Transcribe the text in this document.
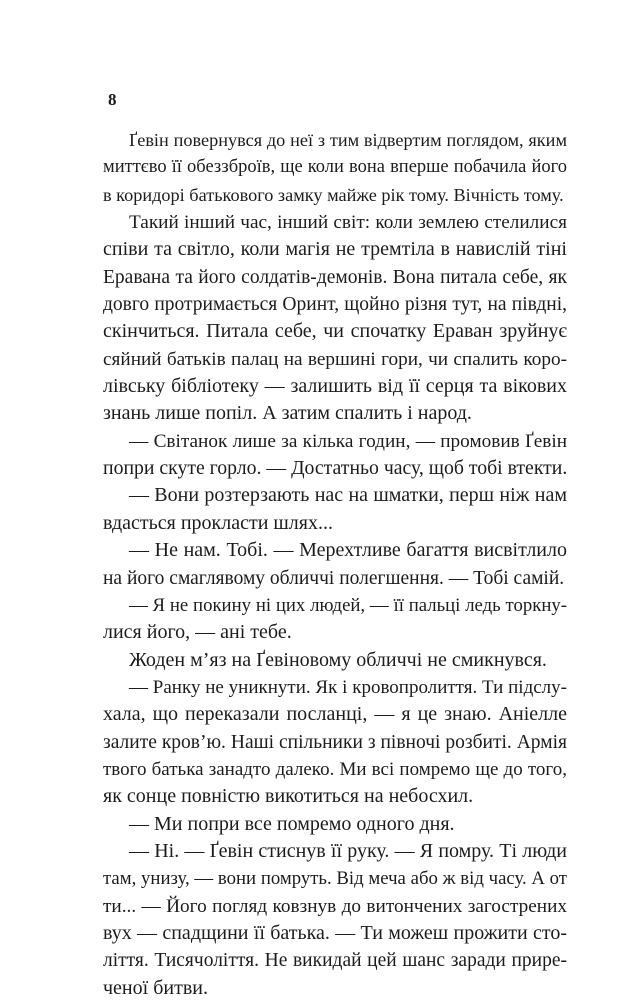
8
Ґевін повернувся до неї з тим відвертим поглядом, яким
миттєво її обеззброїв, ще коли вона вперше побачила його
в коридорі батькового замку майже рік тому. Вічність тому.
Такий інший час, інший світ: коли землею стелилися
співи та світло, коли магія не тремтіла в навислій тіні
Еравана та його солдатів-демонів. Вона питала себе, як
довго протримається Оринт, щойно різня тут, на півдні,
скінчиться. Питала себе, чи спочатку Ераван зруйнує
сяйний батьків палац на вершині гори, чи спалить коро-
лівську бібліотеку — залишить від її серця та вікових
знань лише попіл. А затим спалить і народ.
— Світанок лише за кілька годин, — промовив Ґевін
попри скуте горло. — Достатньо часу, щоб тобі втекти.
— Вони розтерзають нас на шматки, перш ніж нам
вдасться прокласти шлях...
— Не нам. Тобі. — Мерехтливе багаття висвітлило
на його смаглявому обличчі полегшення. — Тобі самій.
— Я не покину ні цих людей, — її пальці ледь торкну-
лися його, — ані тебе.
Жоден м’яз на Ґевіновому обличчі не смикнувся.
— Ранку не уникнути. Як і кровопролиття. Ти підслу-
хала, що переказали посланці, — я це знаю. Аніелле
залите кров’ю. Наші спільники з півночі розбиті. Армія
твого батька занадто далеко. Ми всі помремо ще до того,
як сонце повністю викотиться на небосхил.
— Ми попри все помремо одного дня.
— Ні. — Ґевін стиснув її руку. — Я помру. Ті люди
там, унизу, — вони помруть. Від меча або ж від часу. А от
ти... — Його погляд ковзнув до витончених загострених
вух — спадщини її батька. — Ти можеш прожити сто-
ліття. Тисячоліття. Не викидай цей шанс заради прире-
ченої битви.
